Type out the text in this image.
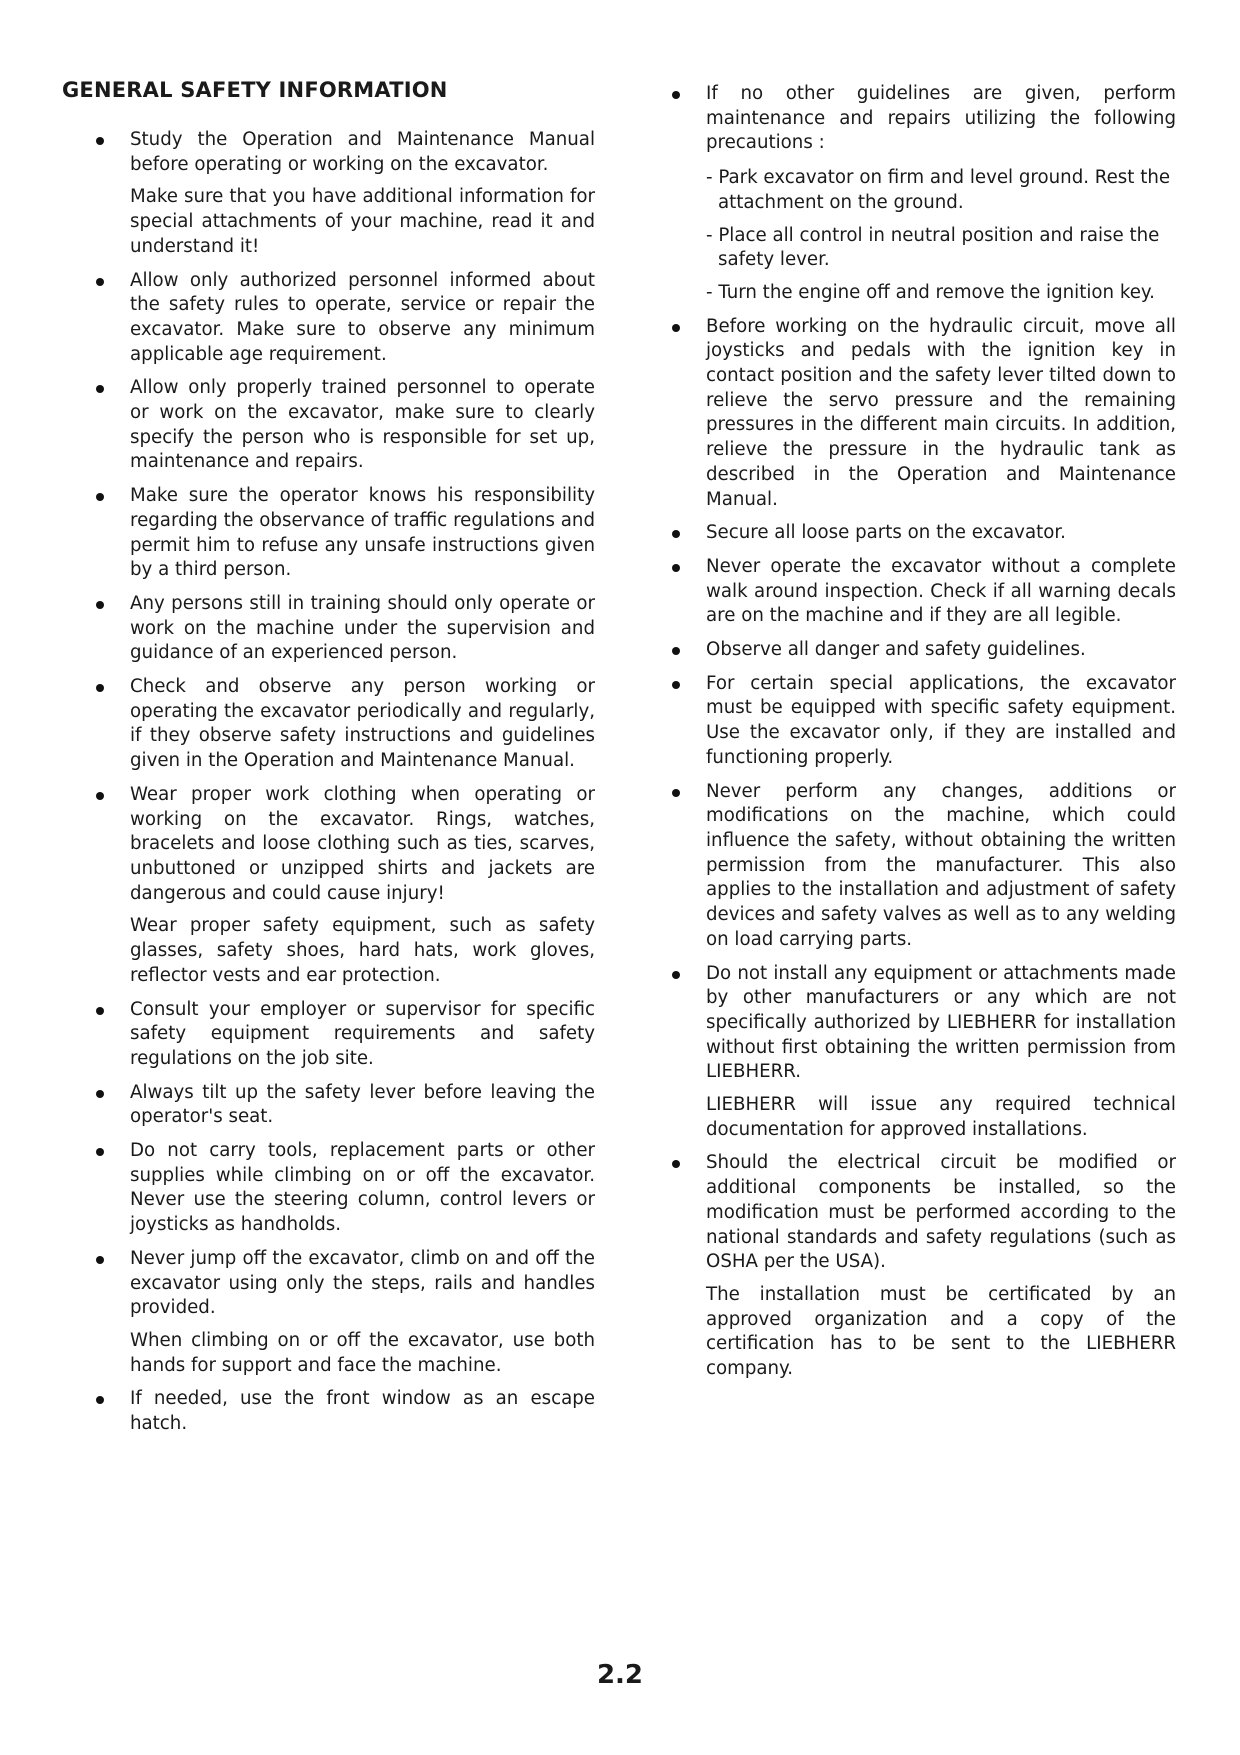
GENERAL SAFETY INFORMATION

Study the Operation and Maintenance Manual before operating or working on the excavator.

Make sure that you have additional information for special attachments of your machine, read it and understand it!

Allow only authorized personnel informed about the safety rules to operate, service or repair the excavator. Make sure to observe any minimum applicable age requirement.

Allow only properly trained personnel to operate or work on the excavator, make sure to clearly specify the person who is responsible for set up, maintenance and repairs.

Make sure the operator knows his responsibility regarding the observance of traffic regulations and permit him to refuse any unsafe instructions given by a third person.

Any persons still in training should only operate or work on the machine under the supervision and guidance of an experienced person.

Check and observe any person working or operating the excavator periodically and regularly, if they observe safety instructions and guidelines given in the Operation and Maintenance Manual.

Wear proper work clothing when operating or working on the excavator. Rings, watches, bracelets and loose clothing such as ties, scarves, unbuttoned or unzipped shirts and jackets are dangerous and could cause injury!

Wear proper safety equipment, such as safety glasses, safety shoes, hard hats, work gloves, reflector vests and ear protection.

Consult your employer or supervisor for specific safety equipment requirements and safety regulations on the job site.

Always tilt up the safety lever before leaving the operator's seat.

Do not carry tools, replacement parts or other supplies while climbing on or off the excavator. Never use the steering column, control levers or joysticks as handholds.

Never jump off the excavator, climb on and off the excavator using only the steps, rails and handles provided.

When climbing on or off the excavator, use both hands for support and face the machine.

If needed, use the front window as an escape hatch.

If no other guidelines are given, perform maintenance and repairs utilizing the following precautions :

- Park excavator on firm and level ground. Rest the attachment on the ground.
- Place all control in neutral position and raise the safety lever.
- Turn the engine off and remove the ignition key.

Before working on the hydraulic circuit, move all joysticks and pedals with the ignition key in contact position and the safety lever tilted down to relieve the servo pressure and the remaining pressures in the different main circuits. In addition, relieve the pressure in the hydraulic tank as described in the Operation and Maintenance Manual.

Secure all loose parts on the excavator.

Never operate the excavator without a complete walk around inspection. Check if all warning decals are on the machine and if they are all legible.

Observe all danger and safety guidelines.

For certain special applications, the excavator must be equipped with specific safety equipment. Use the excavator only, if they are installed and functioning properly.

Never perform any changes, additions or modifications on the machine, which could influence the safety, without obtaining the written permission from the manufacturer. This also applies to the installation and adjustment of safety devices and safety valves as well as to any welding on load carrying parts.

Do not install any equipment or attachments made by other manufacturers or any which are not specifically authorized by LIEBHERR for installation without first obtaining the written permission from LIEBHERR.

LIEBHERR will issue any required technical documentation for approved installations.

Should the electrical circuit be modified or additional components be installed, so the modification must be performed according to the national standards and safety regulations (such as OSHA per the USA).

The installation must be certificated by an approved organization and a copy of the certification has to be sent to the LIEBHERR company.

2.2
